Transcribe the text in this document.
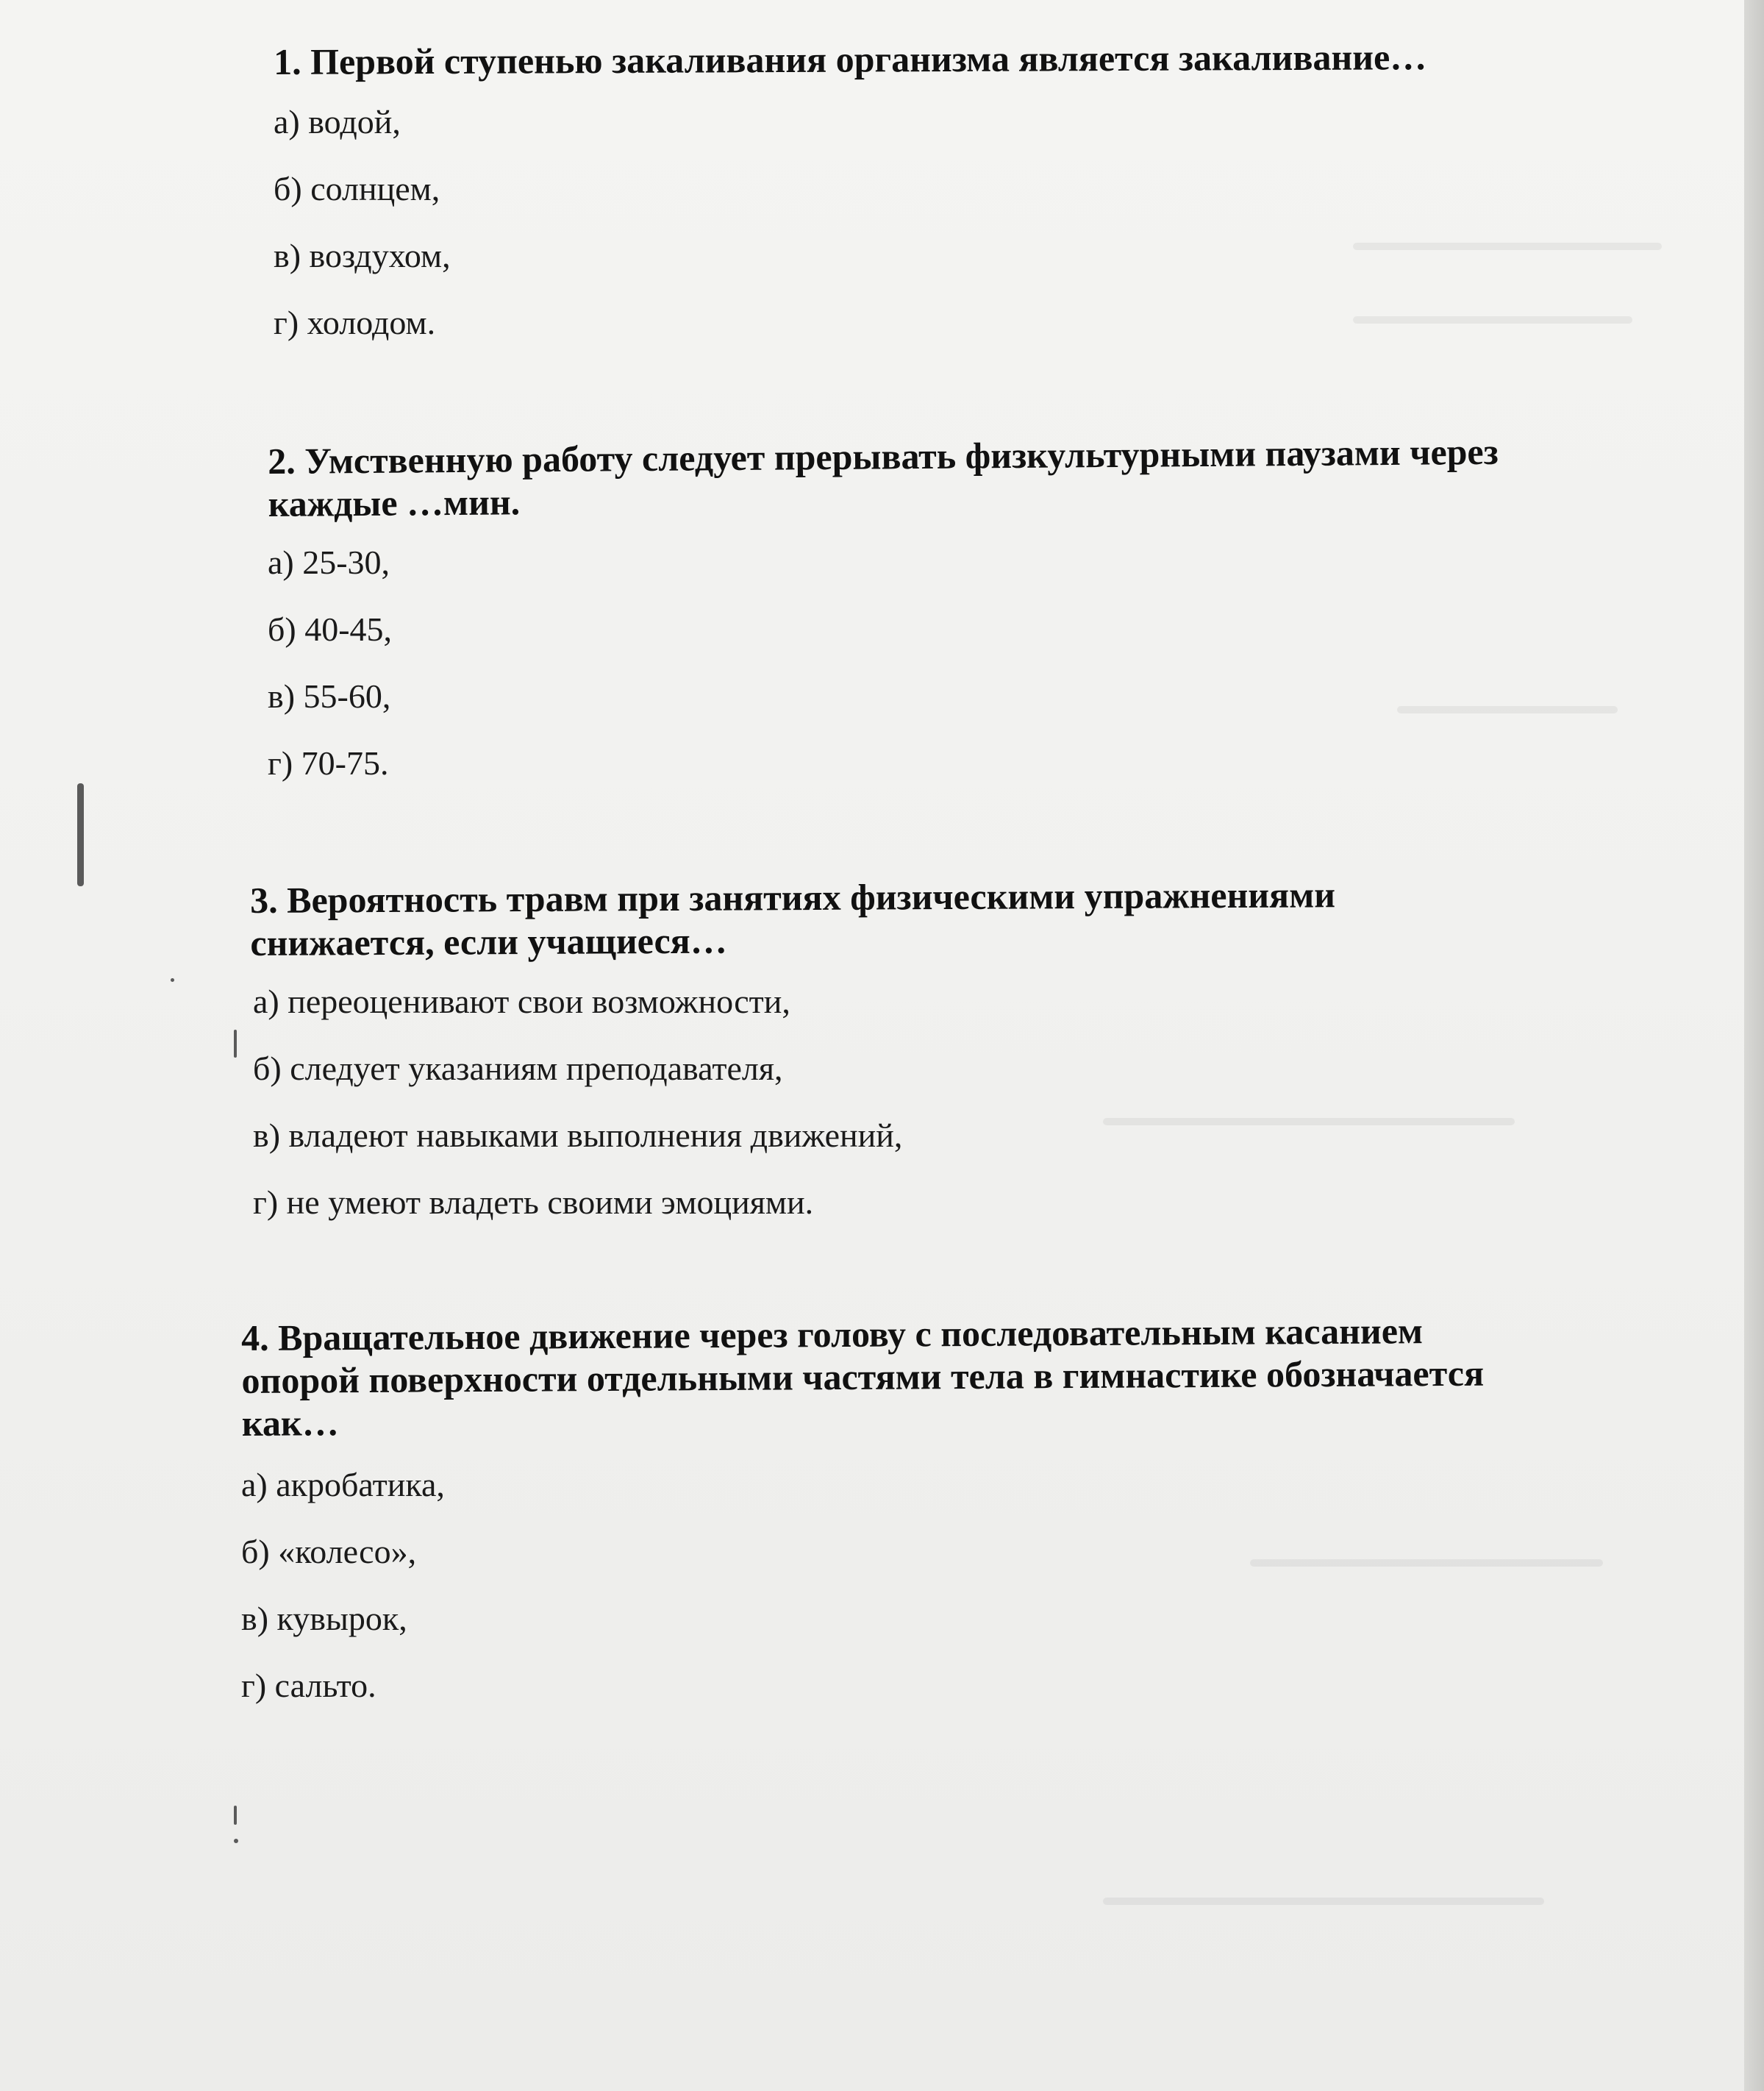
1. Первой ступенью закаливания организма является закаливание…

а) водой,
б) солнцем,
в) воздухом,
г) холодом.

2. Умственную работу следует прерывать физкультурными паузами через
каждые …мин.

а) 25-30,
б) 40-45,
в) 55-60,
г) 70-75.

3. Вероятность травм при занятиях физическими упражнениями
снижается, если учащиеся…

а) переоценивают свои возможности,
б) следует указаниям преподавателя,
в) владеют навыками выполнения движений,
г) не умеют владеть своими эмоциями.

4. Вращательное движение через голову с последовательным касанием
опорой поверхности отдельными частями тела в гимнастике обозначается
как…

а) акробатика,
б) «колесо»,
в) кувырок,
г) сальто.
